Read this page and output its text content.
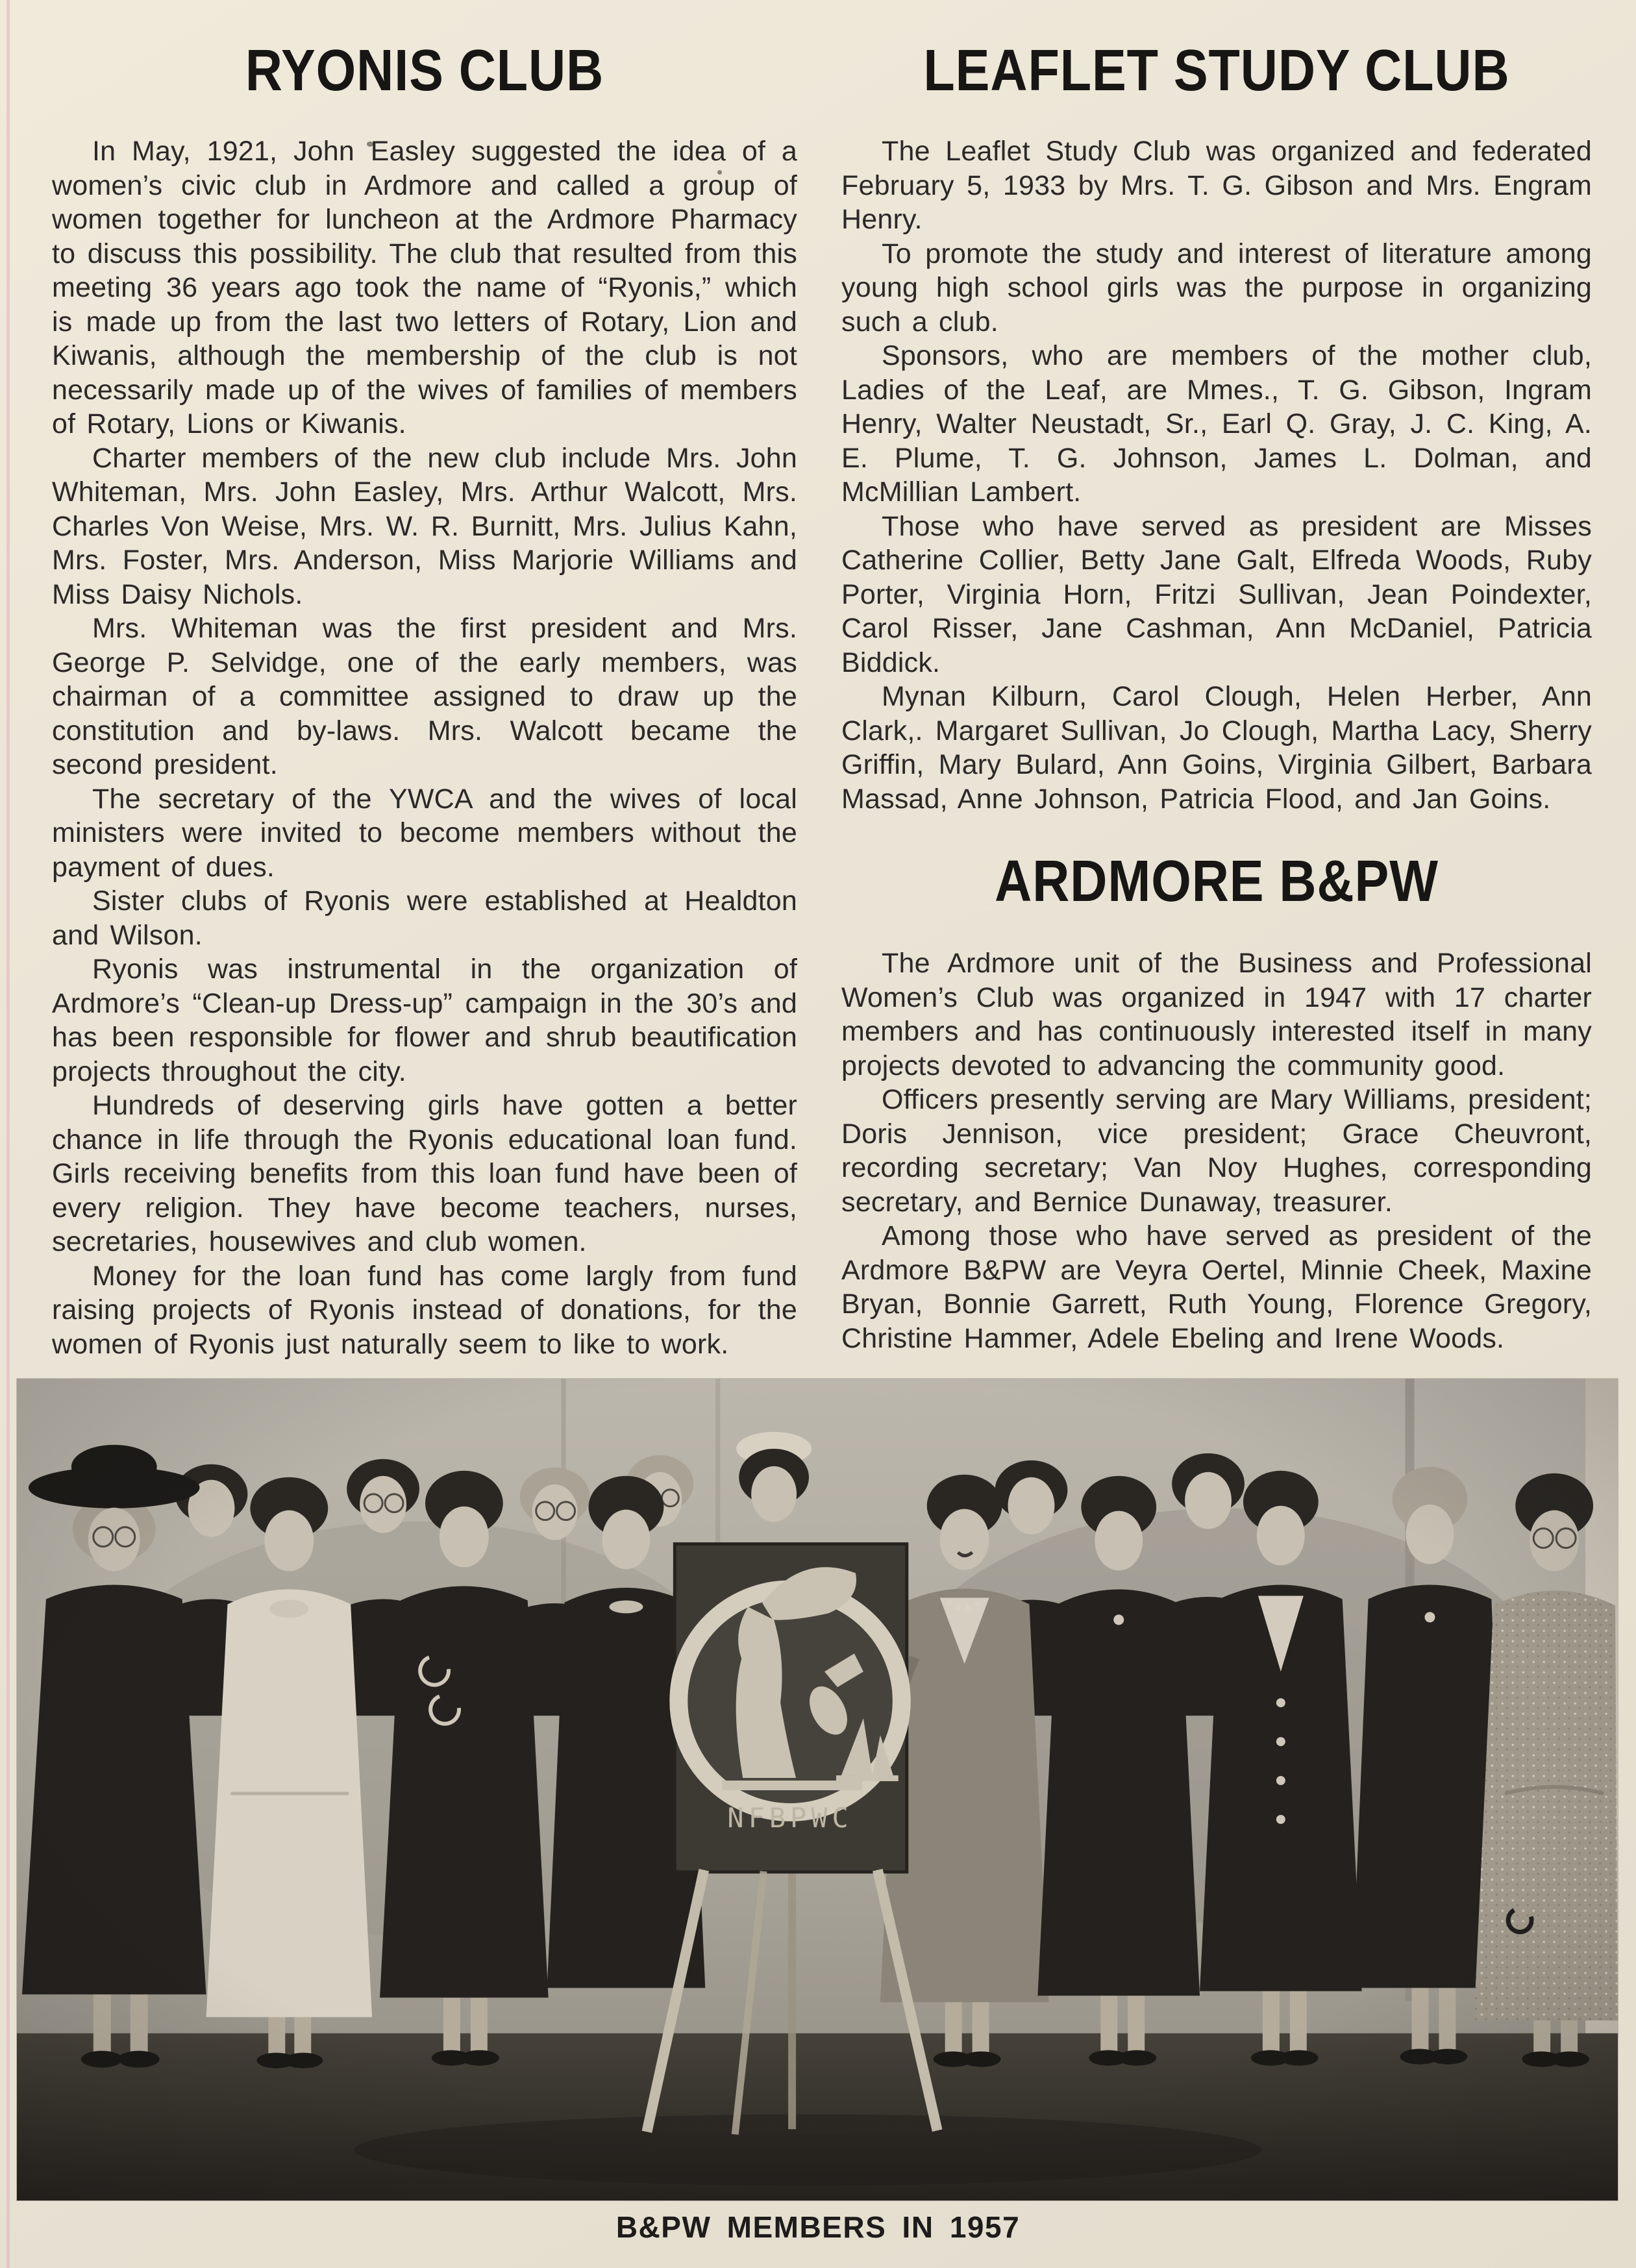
RYONIS CLUB

In May, 1921, John Easley suggested the idea of a women’s civic club in Ardmore and called a group of women together for luncheon at the Ardmore Pharmacy to discuss this possibility. The club that resulted from this meeting 36 years ago took the name of “Ryonis,” which is made up from the last two letters of Rotary, Lion and Kiwanis, although the membership of the club is not necessarily made up of the wives of families of members of Rotary, Lions or Kiwanis.

Charter members of the new club include Mrs. John Whiteman, Mrs. John Easley, Mrs. Arthur Walcott, Mrs. Charles Von Weise, Mrs. W. R. Burnitt, Mrs. Julius Kahn, Mrs. Foster, Mrs. Anderson, Miss Marjorie Williams and Miss Daisy Nichols.

Mrs. Whiteman was the first president and Mrs. George P. Selvidge, one of the early members, was chairman of a committee assigned to draw up the constitution and by-laws. Mrs. Walcott became the second president.

The secretary of the YWCA and the wives of local ministers were invited to become members without the payment of dues.

Sister clubs of Ryonis were established at Healdton and Wilson.

Ryonis was instrumental in the organization of Ardmore’s “Clean-up Dress-up” campaign in the 30’s and has been responsible for flower and shrub beautification projects throughout the city.

Hundreds of deserving girls have gotten a better chance in life through the Ryonis educational loan fund. Girls receiving benefits from this loan fund have been of every religion. They have become teachers, nurses, secretaries, housewives and club women.

Money for the loan fund has come largly from fund raising projects of Ryonis instead of donations, for the women of Ryonis just naturally seem to like to work.

LEAFLET STUDY CLUB

The Leaflet Study Club was organized and federated February 5, 1933 by Mrs. T. G. Gibson and Mrs. Engram Henry.

To promote the study and interest of literature among young high school girls was the purpose in organizing such a club.

Sponsors, who are members of the mother club, Ladies of the Leaf, are Mmes., T. G. Gibson, Ingram Henry, Walter Neustadt, Sr., Earl Q. Gray, J. C. King, A. E. Plume, T. G. Johnson, James L. Dolman, and McMillian Lambert.

Those who have served as president are Misses Catherine Collier, Betty Jane Galt, Elfreda Woods, Ruby Porter, Virginia Horn, Fritzi Sullivan, Jean Poindexter, Carol Risser, Jane Cashman, Ann McDaniel, Patricia Biddick.

Mynan Kilburn, Carol Clough, Helen Herber, Ann Clark,. Margaret Sullivan, Jo Clough, Martha Lacy, Sherry Griffin, Mary Bulard, Ann Goins, Virginia Gilbert, Barbara Massad, Anne Johnson, Patricia Flood, and Jan Goins.

ARDMORE B&PW

The Ardmore unit of the Business and Professional Women’s Club was organized in 1947 with 17 charter members and has continuously interested itself in many projects devoted to advancing the community good.

Officers presently serving are Mary Williams, president; Doris Jennison, vice president; Grace Cheuvront, recording secretary; Van Noy Hughes, corresponding secretary, and Bernice Dunaway, treasurer.

Among those who have served as president of the Ardmore B&PW are Veyra Oertel, Minnie Cheek, Maxine Bryan, Bonnie Garrett, Ruth Young, Florence Gregory, Christine Hammer, Adele Ebeling and Irene Woods.

B&PW MEMBERS IN 1957
